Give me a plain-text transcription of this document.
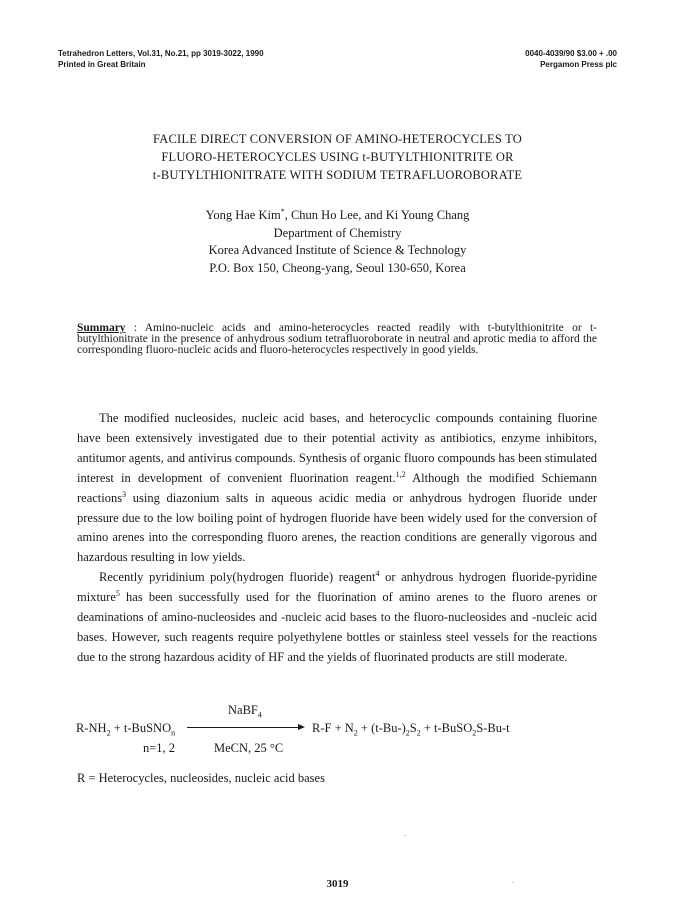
Tetrahedron Letters, Vol.31, No.21, pp 3019-3022, 1990
Printed in Great Britain
0040-4039/90 $3.00 + .00
Pergamon Press plc
FACILE DIRECT CONVERSION OF AMINO-HETEROCYCLES TO
FLUORO-HETEROCYCLES USING t-BUTYLTHIONITRITE OR
t-BUTYLTHIONITRATE WITH SODIUM TETRAFLUOROBORATE
Yong Hae Kim*, Chun Ho Lee, and Ki Young Chang
Department of Chemistry
Korea Advanced Institute of Science & Technology
P.O. Box 150, Cheong-yang, Seoul 130-650, Korea
Summary : Amino-nucleic acids and amino-heterocycles reacted readily with t-butylthionitrite or t-butylthionitrate in the presence of anhydrous sodium tetrafluoroborate in neutral and aprotic media to afford the corresponding fluoro-nucleic acids and fluoro-heterocycles respectively in good yields.
The modified nucleosides, nucleic acid bases, and heterocyclic compounds containing fluorine have been extensively investigated due to their potential activity as antibiotics, enzyme inhibitors, antitumor agents, and antivirus compounds. Synthesis of organic fluoro compounds has been stimulated interest in development of convenient fluorination reagent.$^{1,2}$ Although the modified Schiemann reactions$^3$ using diazonium salts in aqueous acidic media or anhydrous hydrogen fluoride under pressure due to the low boiling point of hydrogen fluoride have been widely used for the conversion of amino arenes into the corresponding fluoro arenes, the reaction conditions are generally vigorous and hazardous resulting in low yields.
Recently pyridinium poly(hydrogen fluoride) reagent$^4$ or anhydrous hydrogen fluoride-pyridine mixture$^5$ has been successfully used for the fluorination of amino arenes to the fluoro arenes or deaminations of amino-nucleosides and -nucleic acid bases to the fluoro-nucleosides and -nucleic acid bases. However, such reagents require polyethylene bottles or stainless steel vessels for the reactions due to the strong hazardous acidity of HF and the yields of fluorinated products are still moderate.
NaBF$_4$
$R-NH_2$ + t-BuSNO$_n$	$R-F + N_2 + (t-Bu-)_2S_2$ + t-BuSO$_2$S-Bu-t
n=1, 2	MeCN, 25 °C
R = Heterocycles, nucleosides, nucleic acid bases
3019
